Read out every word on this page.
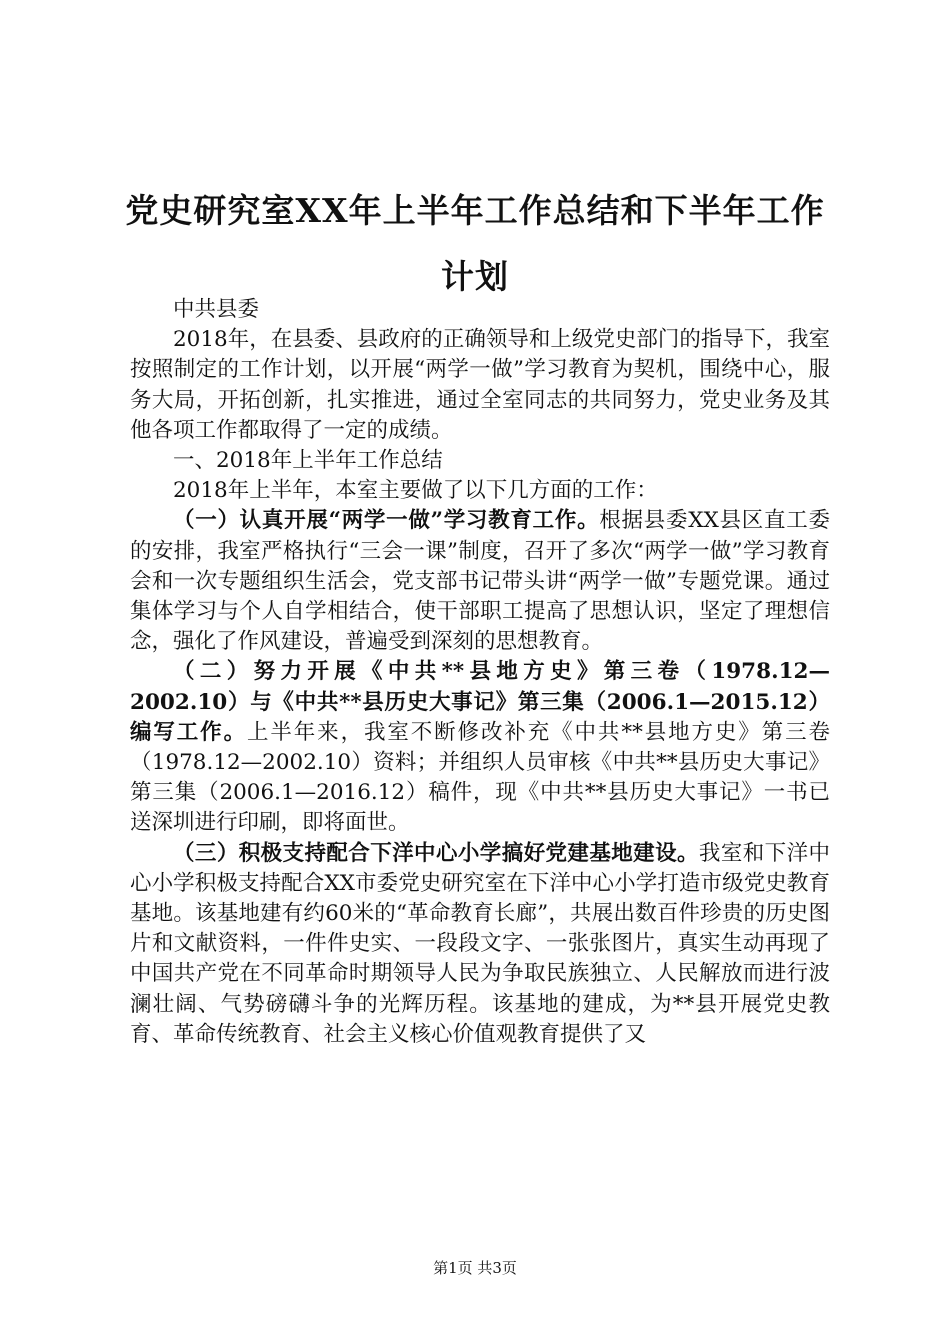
党史研究室XX年上半年工作总结和下半年工作计划

中共县委

2018年，在县委、县政府的正确领导和上级党史部门的指导下，我室按照制定的工作计划，以开展“两学一做”学习教育为契机，围绕中心，服务大局，开拓创新，扎实推进，通过全室同志的共同努力，党史业务及其他各项工作都取得了一定的成绩。

一、2018年上半年工作总结

2018年上半年，本室主要做了以下几方面的工作：

（一）认真开展“两学一做”学习教育工作。根据县委XX县区直工委的安排，我室严格执行“三会一课”制度，召开了多次“两学一做”学习教育会和一次专题组织生活会，党支部书记带头讲“两学一做”专题党课。通过集体学习与个人自学相结合，使干部职工提高了思想认识，坚定了理想信念，强化了作风建设，普遍受到深刻的思想教育。

（二）努力开展《中共**县地方史》第三卷（1978.12—2002.10）与《中共**县历史大事记》第三集（2006.1—2015.12）编写工作。上半年来，我室不断修改补充《中共**县地方史》第三卷（1978.12—2002.10）资料；并组织人员审核《中共**县历史大事记》第三集（2006.1—2016.12）稿件，现《中共**县历史大事记》一书已送深圳进行印刷，即将面世。

（三）积极支持配合下洋中心小学搞好党建基地建设。我室和下洋中心小学积极支持配合XX市委党史研究室在下洋中心小学打造市级党史教育基地。该基地建有约60米的“革命教育长廊”，共展出数百件珍贵的历史图片和文献资料，一件件史实、一段段文字、一张张图片，真实生动再现了中国共产党在不同革命时期领导人民为争取民族独立、人民解放而进行波澜壮阔、气势磅礴斗争的光辉历程。该基地的建成，为**县开展党史教育、革命传统教育、社会主义核心价值观教育提供了又

第1页 共3页
